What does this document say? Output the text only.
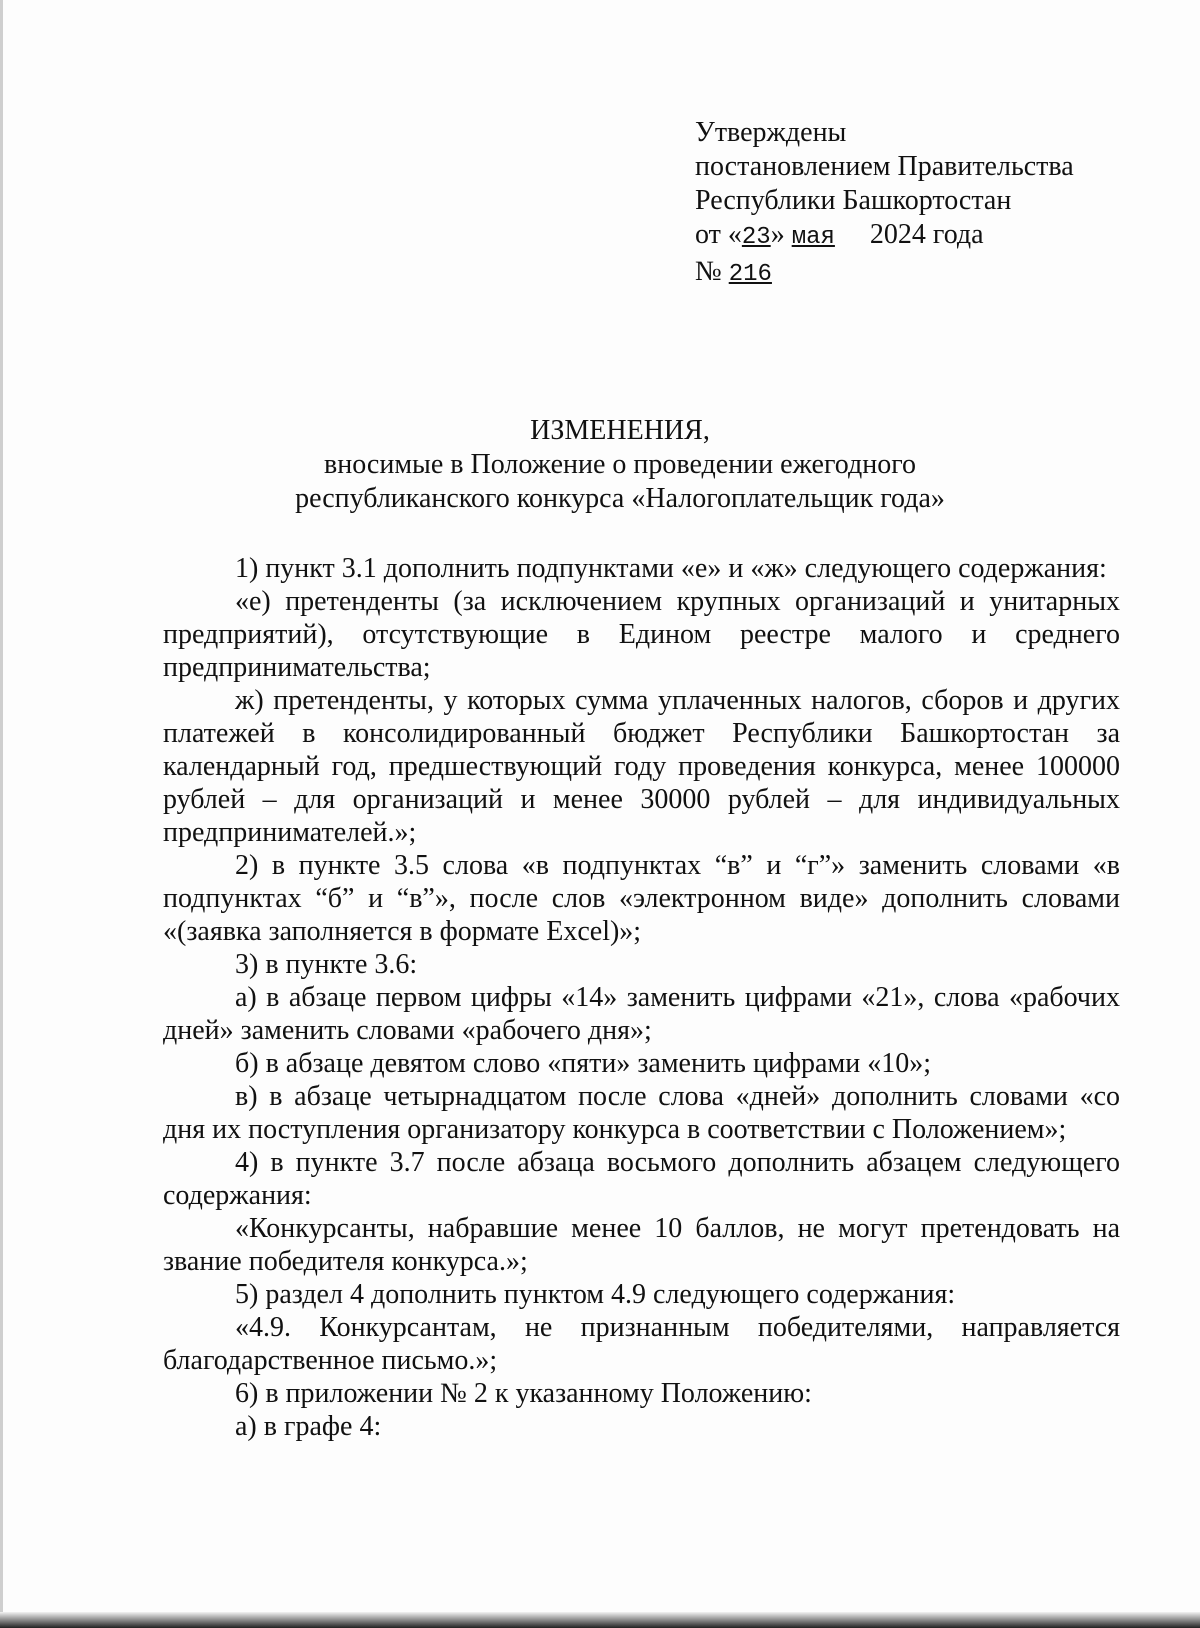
Утверждены
постановлением Правительства
Республики Башкортостан
от «23» мая 2024 года
№ 216
ИЗМЕНЕНИЯ,
вносимые в Положение о проведении ежегодного
республиканского конкурса «Налогоплательщик года»

1) пункт 3.1 дополнить подпунктами «е» и «ж» следующего содержания:

«е) претенденты (за исключением крупных организаций и унитарных предприятий), отсутствующие в Едином реестре малого и среднего предпринимательства;

ж) претенденты, у которых сумма уплаченных налогов, сборов и других платежей в консолидированный бюджет Республики Башкортостан за календарный год, предшествующий году проведения конкурса, менее 100000 рублей – для организаций и менее 30000 рублей – для индивидуальных предпринимателей.»;

2) в пункте 3.5 слова «в подпунктах “в” и “г”» заменить словами «в подпунктах “б” и “в”», после слов «электронном виде» дополнить словами «(заявка заполняется в формате Excel)»;

3) в пункте 3.6:

а) в абзаце первом цифры «14» заменить цифрами «21», слова «рабочих дней» заменить словами «рабочего дня»;

б) в абзаце девятом слово «пяти» заменить цифрами «10»;

в) в абзаце четырнадцатом после слова «дней» дополнить словами «со дня их поступления организатору конкурса в соответствии с Положением»;

4) в пункте 3.7 после абзаца восьмого дополнить абзацем следующего содержания:

«Конкурсанты, набравшие менее 10 баллов, не могут претендовать на звание победителя конкурса.»;

5) раздел 4 дополнить пунктом 4.9 следующего содержания:

«4.9. Конкурсантам, не признанным победителями, направляется благодарственное письмо.»;

6) в приложении № 2 к указанному Положению:

а) в графе 4:
